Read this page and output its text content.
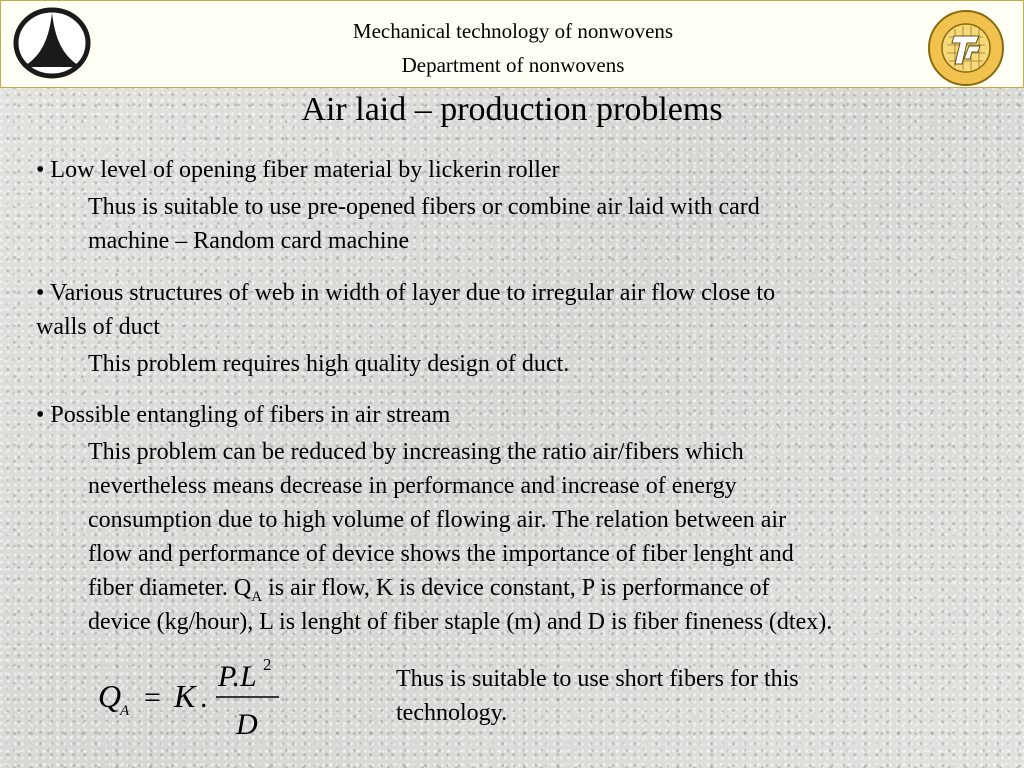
Mechanical technology of nonwovens
Department of nonwovens
Air laid – production problems
• Low level of opening fiber material by lickerin roller
Thus is suitable to use pre-opened fibers or combine air laid with card
machine – Random card machine
• Various structures of web in width of layer due to irregular air flow close to
walls of duct
This problem requires high quality design of duct.
• Possible entangling of fibers in air stream
This problem can be reduced by increasing the ratio air/fibers which
nevertheless means decrease in performance and increase of energy
consumption due to high volume of flowing air. The relation between air
flow and performance of device shows the importance of fiber lenght and
fiber diameter. $Q_A$ is air flow, K is device constant, P is performance of
device (kg/hour), L is lenght of fiber staple (m) and D is fiber fineness (dtex).
Q
A = K .
P.L 2
D
Thus is suitable to use short fibers for this
technology.
